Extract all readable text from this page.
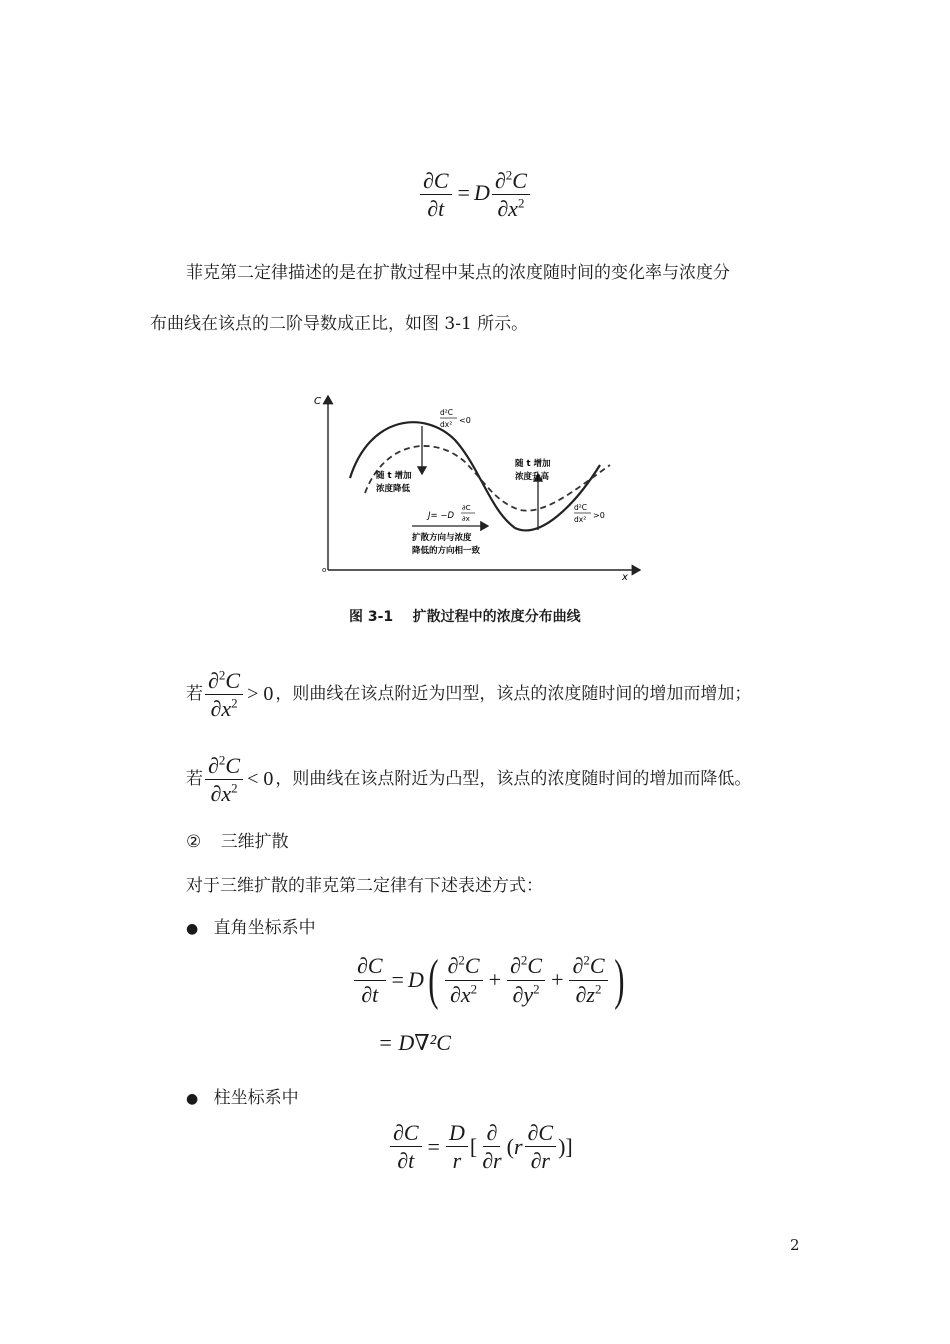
$\frac{\partial C}{\partial t} = D \frac{\partial^2C}{\partial x^2}$
菲克第二定律描述的是在扩散过程中某点的浓度随时间的变化率与浓度分
布曲线在该点的二阶导数成正比，如图 3-1 所示。
C
x
o
d²C
dx² <0
随 t 增加
浓度降低
随 t 增加
浓度升高
J= −D
∂C
∂x
扩散方向与浓度
降低的方向相一致
d²C
dx² >0
图 3-1    扩散过程中的浓度分布曲线
若 $\frac{\partial^2C}{\partial x^2} > 0$ ，则曲线在该点附近为凹型，该点的浓度随时间的增加而增加；
若 $\frac{\partial^2C}{\partial x^2} < 0$ ，则曲线在该点附近为凸型，该点的浓度随时间的增加而降低。
② 三维扩散
对于三维扩散的菲克第二定律有下述表述方式：
● 直角坐标系中
$\frac{\partial C}{\partial t} = D$ ( $\frac{\partial^2C}{\partial x^2} + \frac{\partial^2C}{\partial y^2} + \frac{\partial^2C}{\partial z^2}$ )
= D∇²C
● 柱坐标系中
$\frac{\partial C}{\partial t} = \frac{D}{r}$ [ $\frac{\partial}{\partial r}$ ( r $\frac{\partial C}{\partial r}$ )]
2
